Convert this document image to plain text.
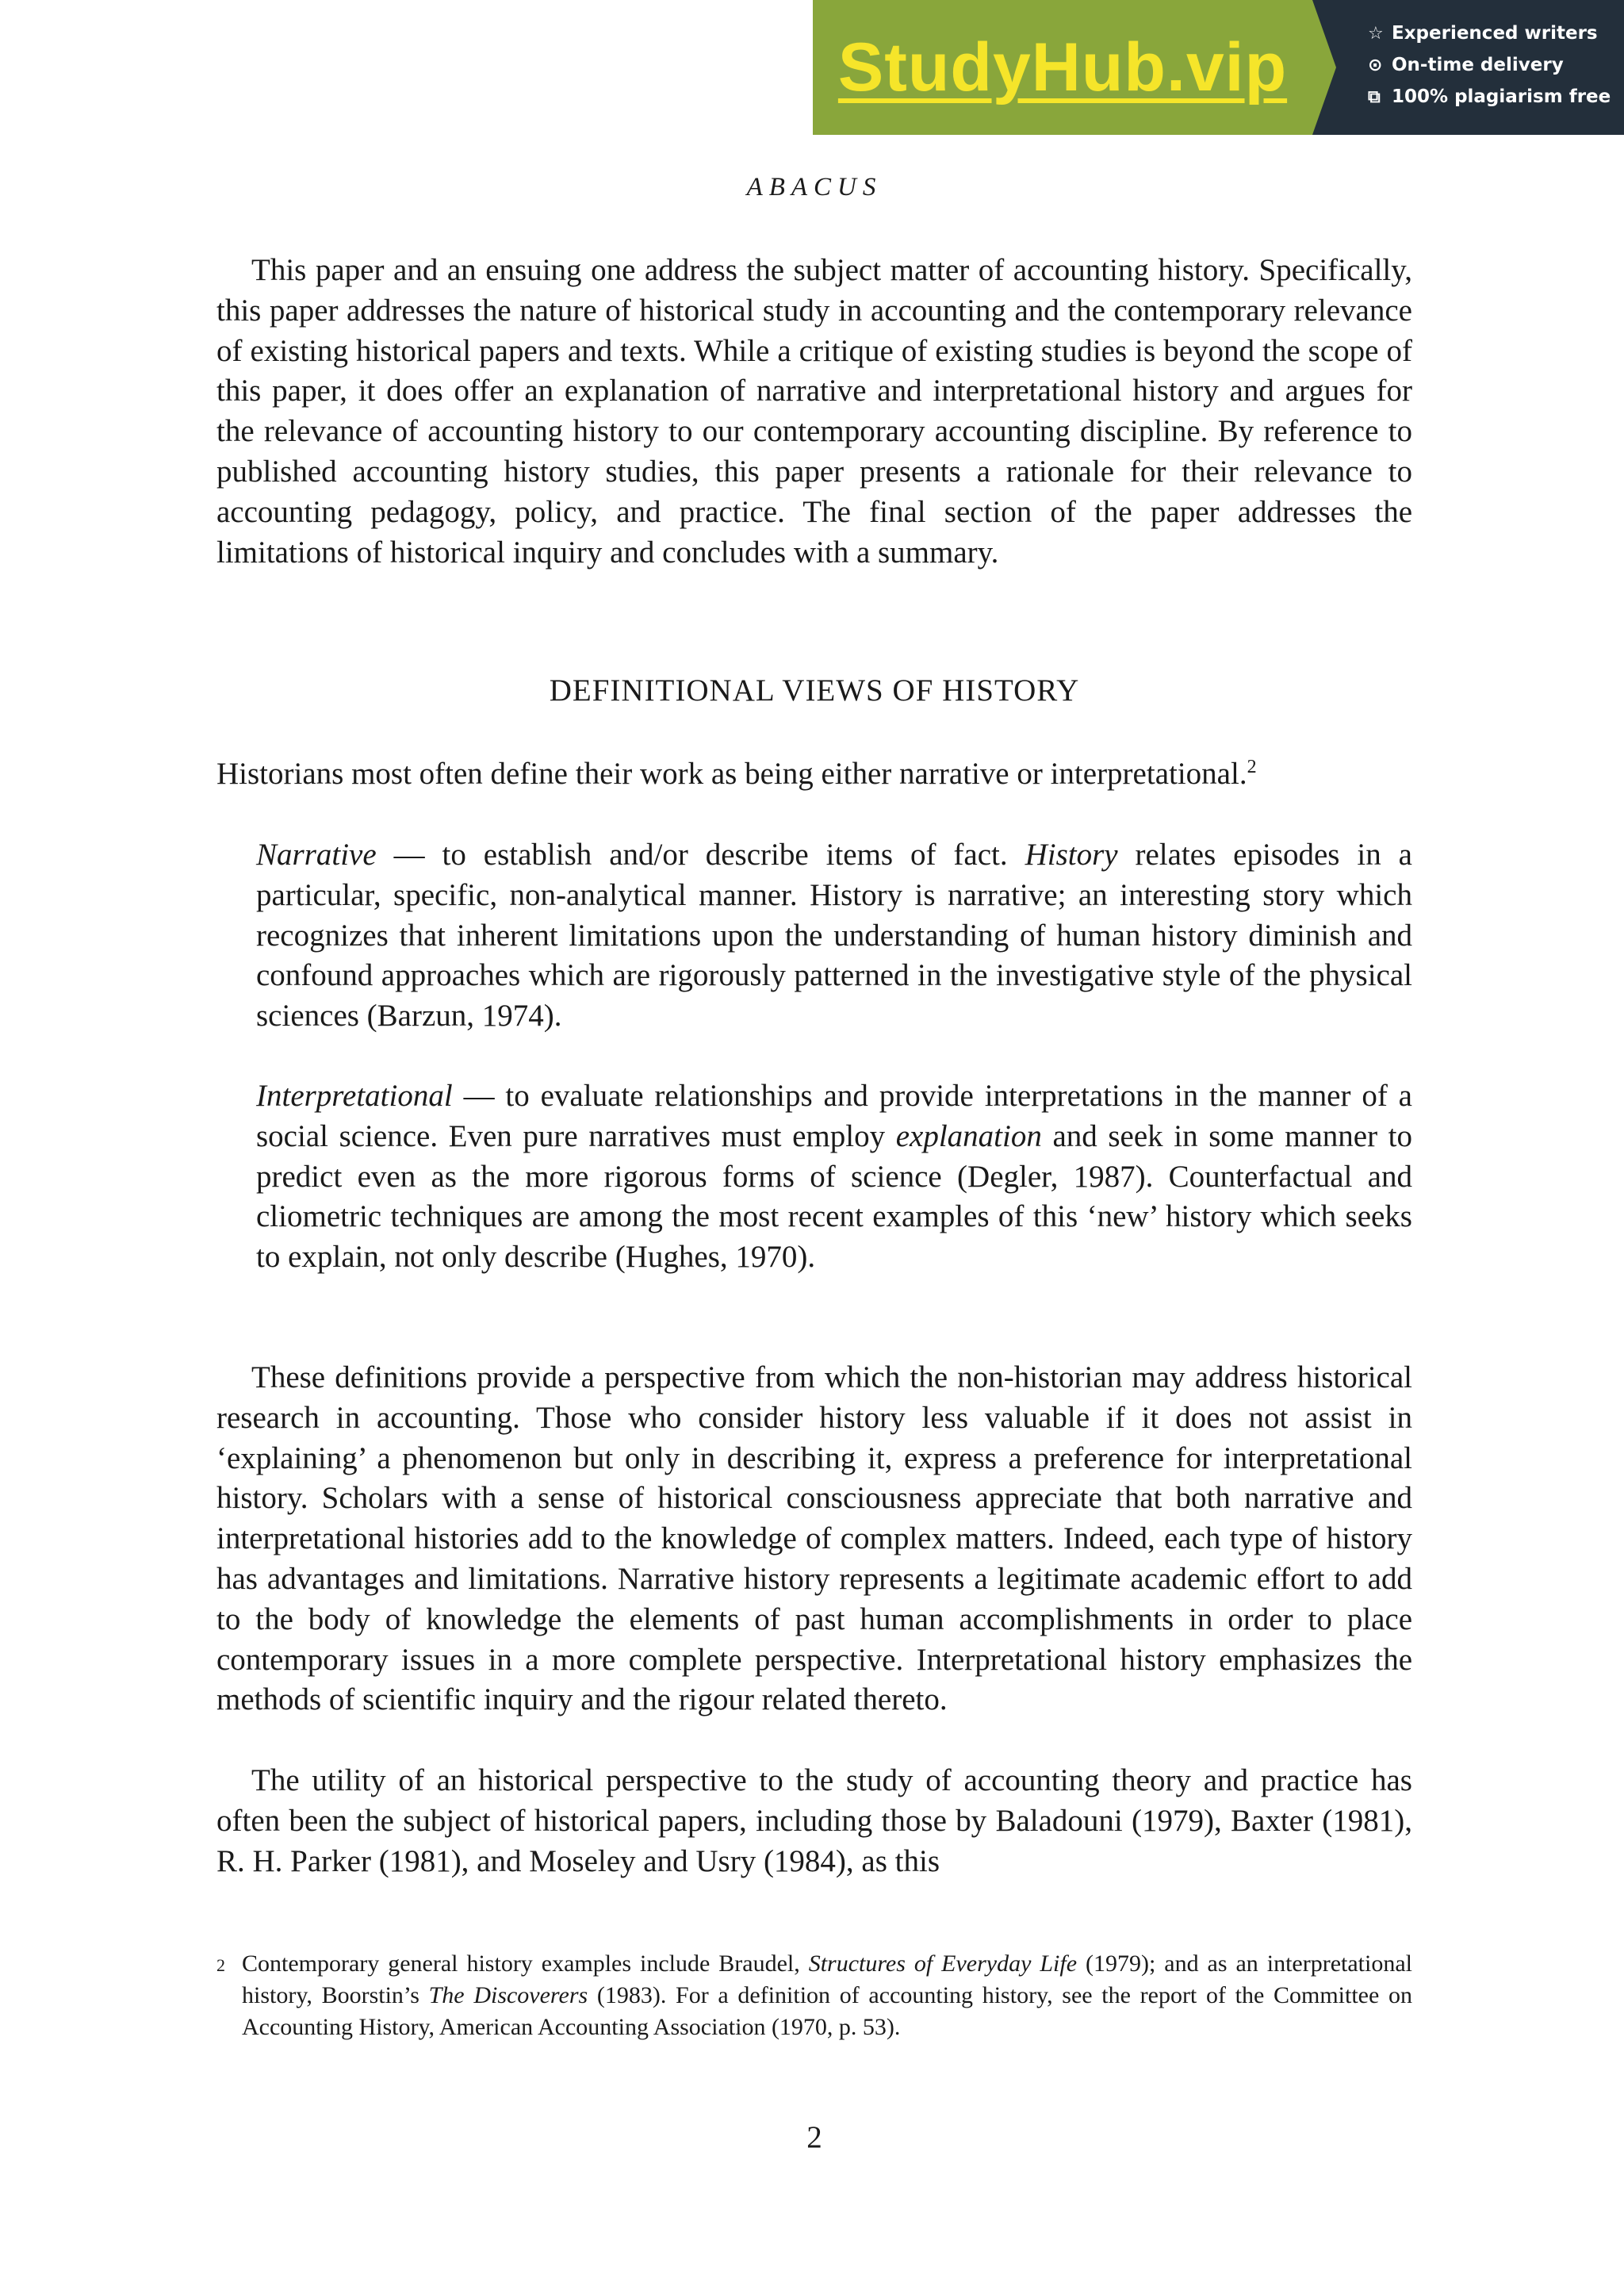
StudyHub.vip	☆ Experienced writers
⊙ On-time delivery
⧉ 100% plagiarism free
ABACUS

This paper and an ensuing one address the subject matter of accounting history. Specifically, this paper addresses the nature of historical study in accounting and the contemporary relevance of existing historical papers and texts. While a critique of existing studies is beyond the scope of this paper, it does offer an explanation of narrative and interpretational history and argues for the relevance of accounting history to our contemporary accounting discipline. By reference to published accounting history studies, this paper presents a rationale for their relevance to accounting pedagogy, policy, and practice. The final section of the paper addresses the limitations of historical inquiry and concludes with a summary.

DEFINITIONAL VIEWS OF HISTORY

Historians most often define their work as being either narrative or interpretational.$^2$

Narrative — to establish and/or describe items of fact. History relates episodes in a particular, specific, non-analytical manner. History is narrative; an interesting story which recognizes that inherent limitations upon the understanding of human history diminish and confound approaches which are rigorously patterned in the investigative style of the physical sciences (Barzun, 1974).

Interpretational — to evaluate relationships and provide interpretations in the manner of a social science. Even pure narratives must employ explanation and seek in some manner to predict even as the more rigorous forms of science (Degler, 1987). Counterfactual and cliometric techniques are among the most recent examples of this ‘new’ history which seeks to explain, not only describe (Hughes, 1970).

These definitions provide a perspective from which the non-historian may address historical research in accounting. Those who consider history less valuable if it does not assist in ‘explaining’ a phenomenon but only in describing it, express a preference for interpretational history. Scholars with a sense of historical consciousness appreciate that both narrative and interpretational histories add to the knowledge of complex matters. Indeed, each type of history has advantages and limitations. Narrative history represents a legitimate academic effort to add to the body of knowledge the elements of past human accomplishments in order to place contemporary issues in a more complete perspective. Interpretational history emphasizes the methods of scientific inquiry and the rigour related thereto.

The utility of an historical perspective to the study of accounting theory and practice has often been the subject of historical papers, including those by Baladouni (1979), Baxter (1981), R. H. Parker (1981), and Moseley and Usry (1984), as this

2 Contemporary general history examples include Braudel, Structures of Everyday Life (1979); and as an interpretational history, Boorstin’s The Discoverers (1983). For a definition of accounting history, see the report of the Committee on Accounting History, American Accounting Association (1970, p. 53).
2
